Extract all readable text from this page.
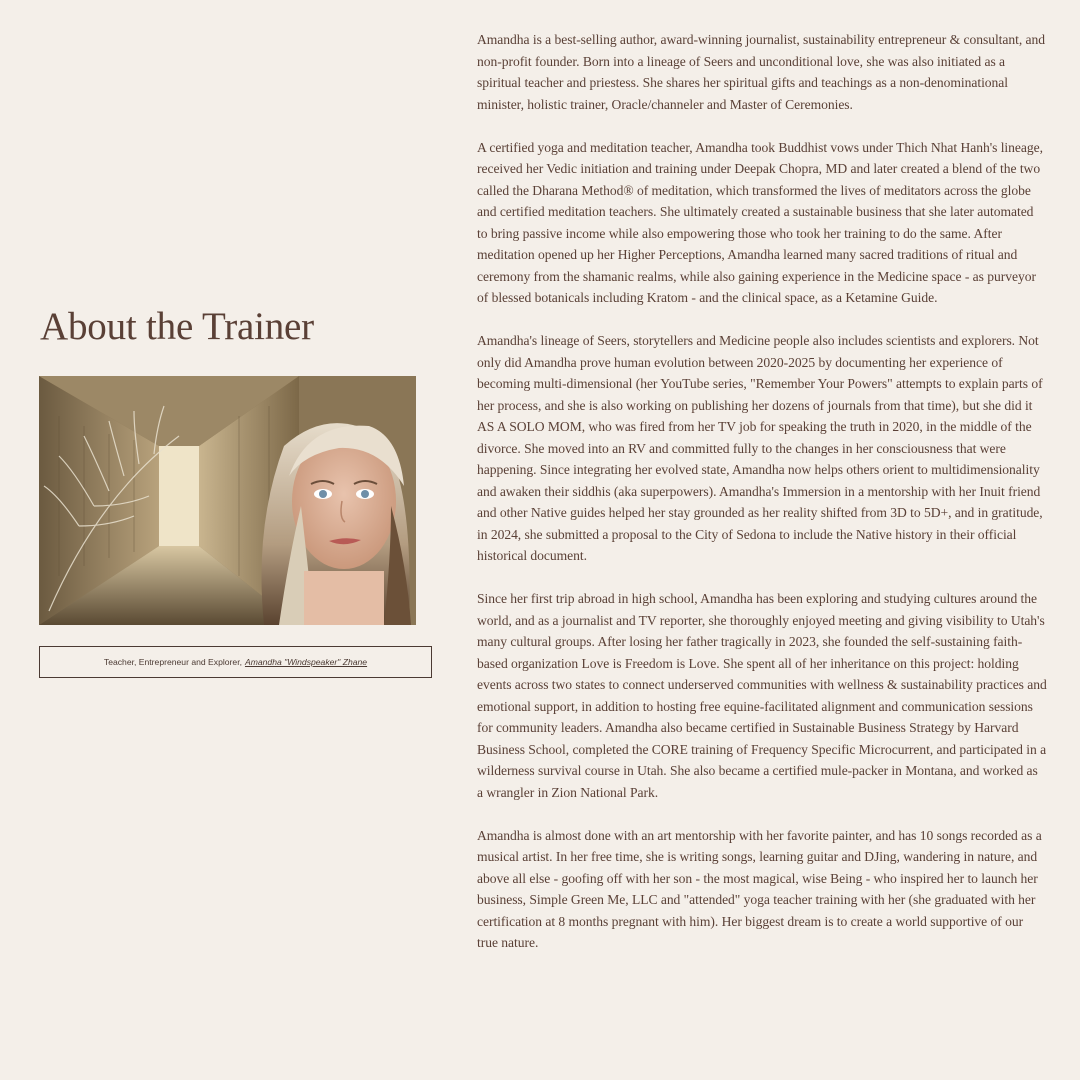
About the Trainer
Teacher, Entrepreneur and Explorer, Amandha "Windspeaker" Zhane

Amandha is a best-selling author, award-winning journalist, sustainability entrepreneur & consultant, and non-profit founder. Born into a lineage of Seers and unconditional love, she was also initiated as a spiritual teacher and priestess. She shares her spiritual gifts and teachings as a non-denominational minister, holistic trainer, Oracle/channeler and Master of Ceremonies.

A certified yoga and meditation teacher, Amandha took Buddhist vows under Thich Nhat Hanh's lineage, received her Vedic initiation and training under Deepak Chopra, MD and later created a blend of the two called the Dharana Method® of meditation, which transformed the lives of meditators across the globe and certified meditation teachers. She ultimately created a sustainable business that she later automated to bring passive income while also empowering those who took her training to do the same. After meditation opened up her Higher Perceptions, Amandha learned many sacred traditions of ritual and ceremony from the shamanic realms, while also gaining experience in the Medicine space - as purveyor of blessed botanicals including Kratom - and the clinical space, as a Ketamine Guide.

Amandha's lineage of Seers, storytellers and Medicine people also includes scientists and explorers. Not only did Amandha prove human evolution between 2020-2025 by documenting her experience of becoming multi-dimensional (her YouTube series, "Remember Your Powers" attempts to explain parts of her process, and she is also working on publishing her dozens of journals from that time), but she did it AS A SOLO MOM, who was fired from her TV job for speaking the truth in 2020, in the middle of the divorce. She moved into an RV and committed fully to the changes in her consciousness that were happening. Since integrating her evolved state, Amandha now helps others orient to multidimensionality and awaken their siddhis (aka superpowers). Amandha's Immersion in a mentorship with her Inuit friend and other Native guides helped her stay grounded as her reality shifted from 3D to 5D+, and in gratitude, in 2024, she submitted a proposal to the City of Sedona to include the Native history in their official historical document.

Since her first trip abroad in high school, Amandha has been exploring and studying cultures around the world, and as a journalist and TV reporter, she thoroughly enjoyed meeting and giving visibility to Utah's many cultural groups. After losing her father tragically in 2023, she founded the self-sustaining faith-based organization Love is Freedom is Love. She spent all of her inheritance on this project: holding events across two states to connect underserved communities with wellness & sustainability practices and emotional support, in addition to hosting free equine-facilitated alignment and communication sessions for community leaders. Amandha also became certified in Sustainable Business Strategy by Harvard Business School, completed the CORE training of Frequency Specific Microcurrent, and participated in a wilderness survival course in Utah. She also became a certified mule-packer in Montana, and worked as a wrangler in Zion National Park.

Amandha is almost done with an art mentorship with her favorite painter, and has 10 songs recorded as a musical artist. In her free time, she is writing songs, learning guitar and DJing, wandering in nature, and above all else - goofing off with her son - the most magical, wise Being - who inspired her to launch her business, Simple Green Me, LLC and "attended" yoga teacher training with her (she graduated with her certification at 8 months pregnant with him). Her biggest dream is to create a world supportive of our true nature.
